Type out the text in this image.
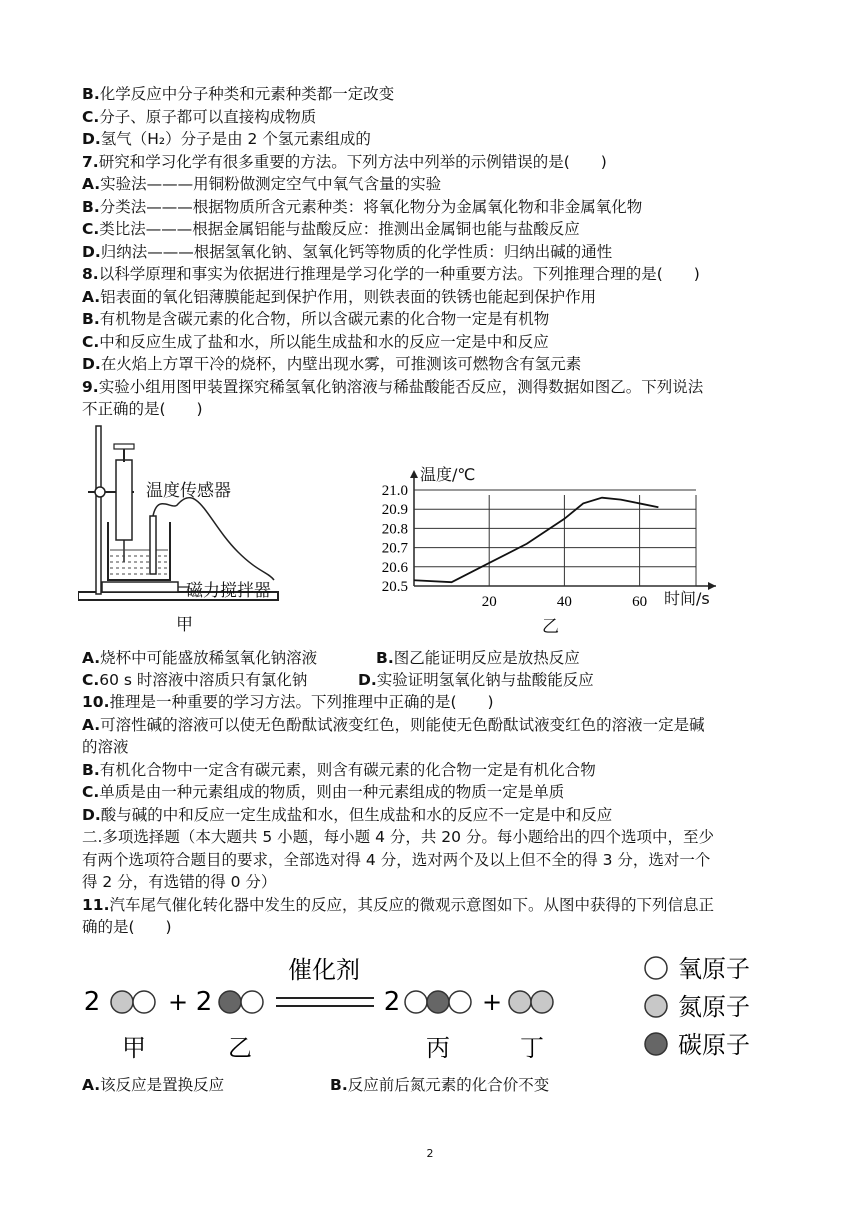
B.化学反应中分子种类和元素种类都一定改变
C.分子、原子都可以直接构成物质
D.氢气（H₂）分子是由 2 个氢元素组成的
7.研究和学习化学有很多重要的方法。下列方法中列举的示例错误的是(　　)
A.实验法———用铜粉做测定空气中氧气含量的实验
B.分类法———根据物质所含元素种类：将氧化物分为金属氧化物和非金属氧化物
C.类比法———根据金属铝能与盐酸反应：推测出金属铜也能与盐酸反应
D.归纳法———根据氢氧化钠、氢氧化钙等物质的化学性质：归纳出碱的通性
8.以科学原理和事实为依据进行推理是学习化学的一种重要方法。下列推理合理的是(　　)
A.铝表面的氧化铝薄膜能起到保护作用，则铁表面的铁锈也能起到保护作用
B.有机物是含碳元素的化合物，所以含碳元素的化合物一定是有机物
C.中和反应生成了盐和水，所以能生成盐和水的反应一定是中和反应
D.在火焰上方罩干冷的烧杯，内壁出现水雾，可推测该可燃物含有氢元素
9.实验小组用图甲装置探究稀氢氧化钠溶液与稀盐酸能否反应，测得数据如图乙。下列说法
不正确的是(　　)
温度传感器
磁力搅拌器
甲
21.0
20.9
20.8
20.7
20.6
20.5
20	40	60
温度/℃
时间/s
乙
A.烧杯中可能盛放稀氢氧化钠溶液	B.图乙能证明反应是放热反应
C.60 s 时溶液中溶质只有氯化钠	D.实验证明氢氧化钠与盐酸能反应
10.推理是一种重要的学习方法。下列推理中正确的是(　　)
A.可溶性碱的溶液可以使无色酚酞试液变红色，则能使无色酚酞试液变红色的溶液一定是碱
的溶液
B.有机化合物中一定含有碳元素，则含有碳元素的化合物一定是有机化合物
C.单质是由一种元素组成的物质，则由一种元素组成的物质一定是单质
D.酸与碱的中和反应一定生成盐和水，但生成盐和水的反应不一定是中和反应
二.多项选择题（本大题共 5 小题，每小题 4 分，共 20 分。每小题给出的四个选项中，至少
有两个选项符合题目的要求，全部选对得 4 分，选对两个及以上但不全的得 3 分，选对一个
得 2 分，有选错的得 0 分）
11.汽车尾气催化转化器中发生的反应，其反应的微观示意图如下。从图中获得的下列信息正
确的是(　　)
2	+ 2
催化剂
2	+
甲	乙	丙	丁
氧原子
氮原子
碳原子
A.该反应是置换反应	B.反应前后氮元素的化合价不变
2
